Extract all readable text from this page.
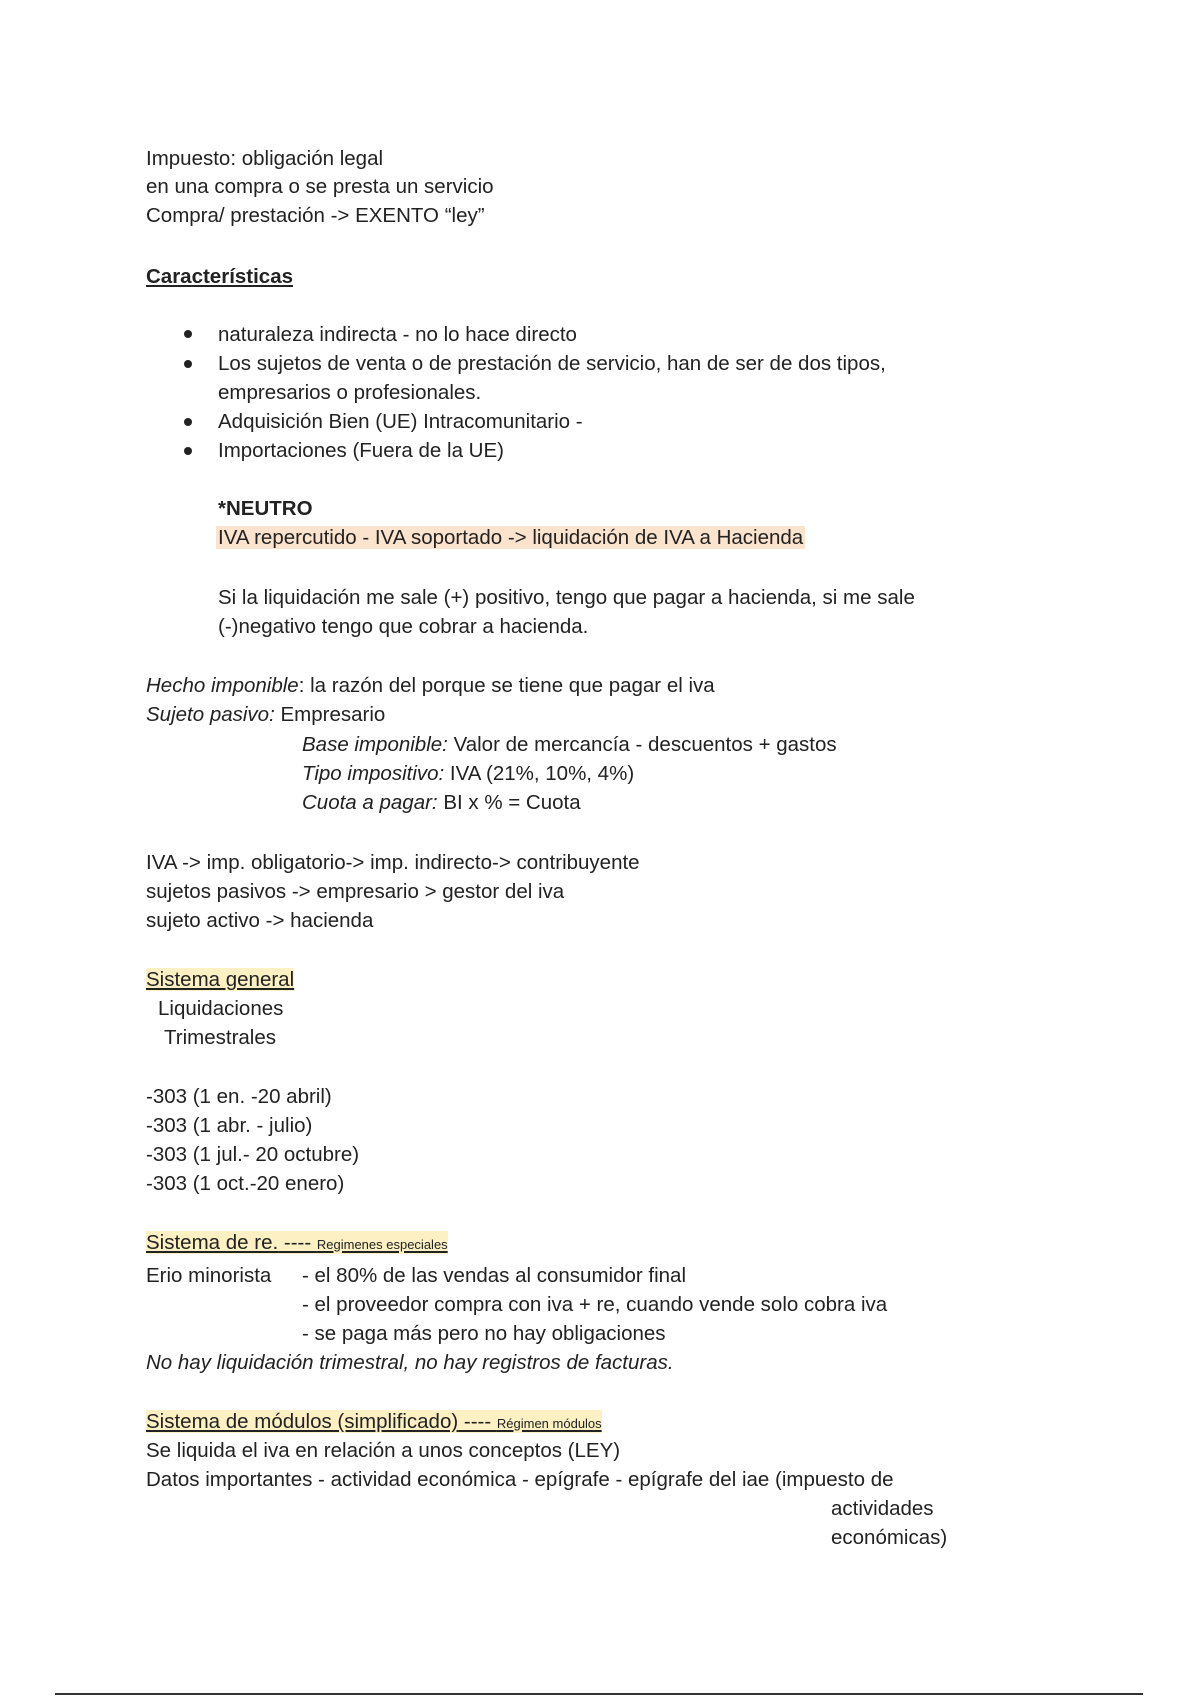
Impuesto: obligación legal
en una compra o se presta un servicio
Compra/ prestación -> EXENTO “ley”
Características
naturaleza indirecta - no lo hace directo
Los sujetos de venta o de prestación de servicio, han de ser de dos tipos,
empresarios o profesionales.
Adquisición Bien (UE) Intracomunitario -
Importaciones (Fuera de la UE)
*NEUTRO
IVA repercutido - IVA soportado -> liquidación de IVA a Hacienda
Si la liquidación me sale (+) positivo, tengo que pagar a hacienda, si me sale
(-)negativo tengo que cobrar a hacienda.
Hecho imponible: la razón del porque se tiene que pagar el iva
Sujeto pasivo: Empresario
Base imponible: Valor de mercancía - descuentos + gastos
Tipo impositivo: IVA (21%, 10%, 4%)
Cuota a pagar: BI x % = Cuota
IVA -> imp. obligatorio-> imp. indirecto-> contribuyente
sujetos pasivos -> empresario > gestor del iva
sujeto activo -> hacienda
Sistema general
Liquidaciones
Trimestrales
-303 (1 en. -20 abril)
-303 (1 abr. - julio)
-303 (1 jul.- 20 octubre)
-303 (1 oct.-20 enero)
Sistema de re. ---- Regimenes especiales
Erio minorista - el 80% de las vendas al consumidor final
- el proveedor compra con iva + re, cuando vende solo cobra iva
- se paga más pero no hay obligaciones
No hay liquidación trimestral, no hay registros de facturas.
Sistema de módulos (simplificado) ---- Régimen módulos
Se liquida el iva en relación a unos conceptos (LEY)
Datos importantes - actividad económica - epígrafe - epígrafe del iae (impuesto de
actividades
económicas)
